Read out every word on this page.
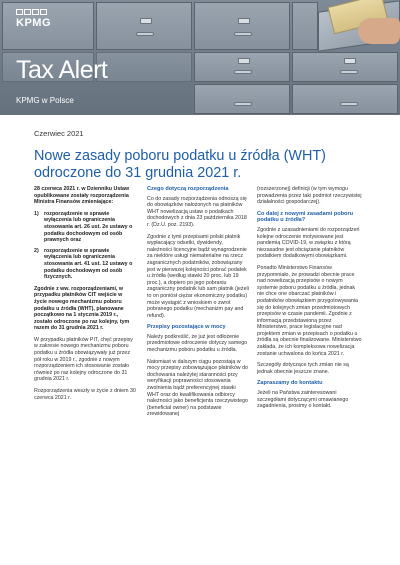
KPMG
Tax Alert
KPMG w Polsce
Czerwiec 2021
Nowe zasady poboru podatku u źródła (WHT) odroczone do 31 grudnia 2021 r.
28 czerwca 2021 r. w Dzienniku Ustaw opublikowane zostały rozporządzenia Ministra Finansów zmieniające:
1) rozporządzenie w sprawie wyłączenia lub ograniczenia stosowania art. 26 ust. 2e ustawy o podatku dochodowym od osób prawnych oraz
2) rozporządzenie w sprawie wyłączenia lub ograniczenia stosowania art. 41 ust. 12 ustawy o podatku dochodowym od osób fizycznych.
Zgodnie z ww. rozporządzeniami, w przypadku płatników CIT wejście w życie nowego mechanizmu poboru podatku u źródła (WHT), planowane początkowo na 1 stycznia 2019 r., zostało odroczone po raz kolejny, tym razem do 31 grudnia 2021 r.
W przypadku płatników PIT, chęć przepisy w zakresie nowego mechanizmu poboru podatku u źródła obowiązywały już przez pół roku w 2019 r., zgodnie z nowym rozporządzeniem ich stosowanie zostało również po raz kolejny odroczone do 31 grudnia 2021 r.
Rozporządzenia weszły w życie z dniem 30 czerwca 2021 r.
Czego dotyczą rozporządzenia
Co do zasady rozporządzenia odnoszą się do obowiązków nałożonych na płatników WHT nowelizacją ustaw o podatkach dochodowych z dnia 23 października 2018 r. (Dz.U. poz. 2193).
Zgodnie z tymi przepisami polski płatnik wypłacający odsetki, dywidendy, należności licencyjne bądź wynagrodzenie za niektóre usługi niematerialne na rzecz zagranicznych podatników, zobowiązany jest w pierwszej kolejności pobrać podatek u źródła (według stawki 20 proc. lub 19 proc.), a dopiero po jego pobraniu zagraniczny podatnik lub sam płatnik (jeżeli to on poniósł ciężar ekonomiczny podatku) może wystąpić z wnioskiem o zwrot pobranego podatku (mechanizm pay and refund).
Przepisy pozostające w mocy
Należy podkreślić, że już jest odłożenie przedmiotowe odroczenie dotyczy samego mechanizmu poboru podatku u źródła.
Natomiast w dalszym ciągu pozostają w mocy przepisy zobowiązujące płatników do dochowania należytej staranności przy weryfikacji poprawności stosowania zwolnienia bądź preferencyjnej stawki WHT oraz do kwalifikowania odbiorcy należności jako beneficjenta rzeczywistego (beneficial owner) na podstawie zrewidowanej
(rozszerzonej) definicji (w tym wymogu prowadzenia przez taki podmiot rzeczywistej działalności gospodarczej).
Co dalej z nowymi zasadami poboru podatku u źródła?
Zgodnie z uzasadnieniami do rozporządzeń kolejne odroczenie motywowane jest pandemią COVID-19, w związku z którą niezasadne jest obciążanie płatników podatkiem dodatkowymi obowiązkami.
Ponadto Ministerstwo Finansów przypomniało, że prowadzi obecnie prace nad nowelizacją przepisów o nowym systemie poboru podatku u źródła, jednak nie chce one obarczać płatników i podatników obowiązkiem przygotowywania się do kolejnych zmian przedmiotowych przepisów w czasie pandemii. Zgodnie z informacją przedstawioną przez Ministerstwo, prace legislacyjne nad projektem zmian w przepisach o podatku u źródła są obecnie finalizowane. Ministerstwo zakłada, że ich kompleksowa nowelizacja zostanie uchwalona do końca 2021 r.
Szczegóły dotyczące tych zmian nie są jednak obecnie jeszcze znane.
Zapraszamy do kontaktu
Jeżeli na Państwa zainteresowani szczegółami dotyczącymi omawianego zagadnienia, prosimy o kontakt.
